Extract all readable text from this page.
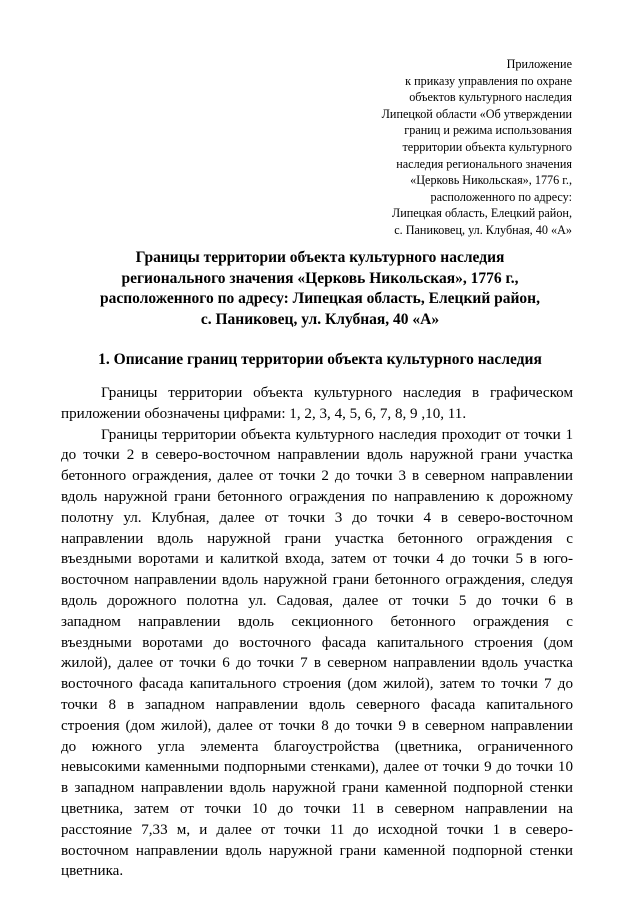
Приложение
к приказу управления по охране
объектов культурного наследия
Липецкой области «Об утверждении
границ и режима использования
территории объекта культурного
наследия регионального значения
«Церковь Никольская», 1776 г.,
расположенного по адресу:
Липецкая область, Елецкий район,
с. Паниковец, ул. Клубная, 40 «А»
Границы территории объекта культурного наследия
регионального значения «Церковь Никольская», 1776 г.,
расположенного по адресу: Липецкая область, Елецкий район,
с. Паниковец, ул. Клубная, 40 «А»
1. Описание границ территории объекта культурного наследия
Границы территории объекта культурного наследия в графическом
приложении обозначены цифрами: 1, 2, 3, 4, 5, 6, 7, 8, 9 ,10, 11.
Границы территории объекта культурного наследия проходит от точки 1
до точки 2 в северо-восточном направлении вдоль наружной грани участка
бетонного ограждения, далее от точки 2 до точки 3 в северном направлении
вдоль наружной грани бетонного ограждения по направлению к дорожному
полотну ул. Клубная, далее от точки 3 до точки 4 в северо-восточном
направлении вдоль наружной грани участка бетонного ограждения с
въездными воротами и калиткой входа, затем от точки 4 до точки 5 в юго-
восточном направлении вдоль наружной грани бетонного ограждения, следуя
вдоль дорожного полотна ул. Садовая, далее от точки 5 до точки 6 в
западном направлении вдоль секционного бетонного ограждения с
въездными воротами до восточного фасада капитального строения (дом
жилой), далее от точки 6 до точки 7 в северном направлении вдоль участка
восточного фасада капитального строения (дом жилой), затем то точки 7 до
точки 8 в западном направлении вдоль северного фасада капитального
строения (дом жилой), далее от точки 8 до точки 9 в северном направлении
до южного угла элемента благоустройства (цветника, ограниченного
невысокими каменными подпорными стенками), далее от точки 9 до точки 10
в западном направлении вдоль наружной грани каменной подпорной стенки
цветника, затем от точки 10 до точки 11 в северном направлении на
расстояние 7,33 м, и далее от точки 11 до исходной точки 1 в северо-
восточном направлении вдоль наружной грани каменной подпорной стенки
цветника.
